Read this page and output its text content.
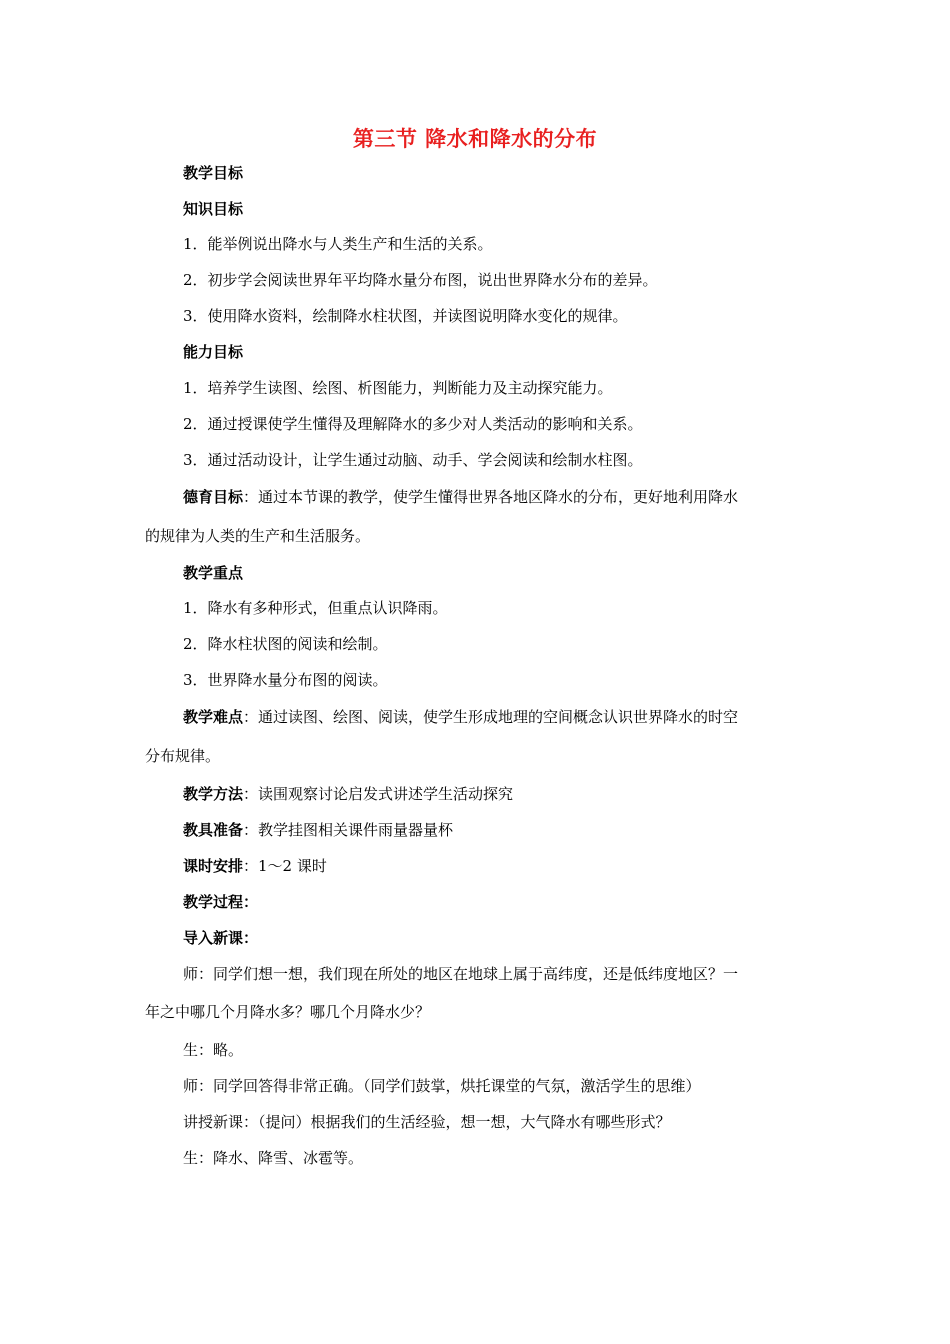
第三节 降水和降水的分布
教学目标
知识目标
1．能举例说出降水与人类生产和生活的关系。
2．初步学会阅读世界年平均降水量分布图，说出世界降水分布的差异。
3．使用降水资料，绘制降水柱状图，并读图说明降水变化的规律。
能力目标
1．培养学生读图、绘图、析图能力，判断能力及主动探究能力。
2．通过授课使学生懂得及理解降水的多少对人类活动的影响和关系。
3．通过活动设计，让学生通过动脑、动手、学会阅读和绘制水柱图。
德育目标：通过本节课的教学，使学生懂得世界各地区降水的分布，更好地利用降水
的规律为人类的生产和生活服务。
教学重点
1．降水有多种形式，但重点认识降雨。
2．降水柱状图的阅读和绘制。
3．世界降水量分布图的阅读。
教学难点：通过读图、绘图、阅读，使学生形成地理的空间概念认识世界降水的时空
分布规律。
教学方法：读围观察讨论启发式讲述学生活动探究
教具准备：教学挂图相关课件雨量器量杯
课时安排：1～2 课时
教学过程：
导入新课：
师：同学们想一想，我们现在所处的地区在地球上属于高纬度，还是低纬度地区？一
年之中哪几个月降水多？哪几个月降水少？
生：略。
师：同学回答得非常正确。（同学们鼓掌，烘托课堂的气氛，激活学生的思维）
讲授新课：（提问）根据我们的生活经验，想一想，大气降水有哪些形式？
生：降水、降雪、冰雹等。
